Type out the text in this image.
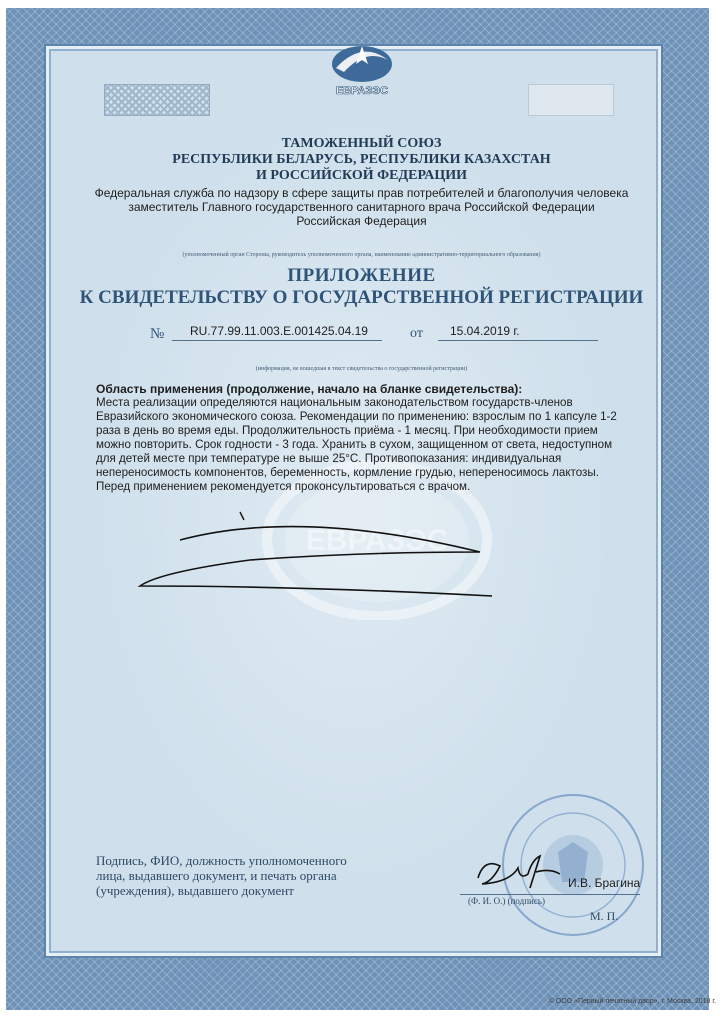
ЕВРАЗЭС
ТАМОЖЕННЫЙ СОЮЗ
РЕСПУБЛИКИ БЕЛАРУСЬ, РЕСПУБЛИКИ КАЗАХСТАН
И РОССИЙСКОЙ ФЕДЕРАЦИИ
Федеральная служба по надзору в сфере защиты прав потребителей и благополучия человека
заместитель Главного государственного санитарного врача Российской Федерации
Российская Федерация
(уполномоченный орган Стороны, руководитель уполномоченного органа, наименование административно-территориального образования)
ПРИЛОЖЕНИЕ
К СВИДЕТЕЛЬСТВУ О ГОСУДАРСТВЕННОЙ РЕГИСТРАЦИИ
№ RU.77.99.11.003.Е.001425.04.19	от 15.04.2019 г.
(информация, не вошедшая в текст свидетельства о государственной регистрации)
ЕВРАЗЭС
Область применения (продолжение, начало на бланке свидетельства):
Места реализации определяются национальным законодательством государств-членов
Евразийского экономического союза. Рекомендации по применению: взрослым по 1 капсуле 1-2
раза в день во время еды. Продолжительность приёма - 1 месяц. При необходимости прием
можно повторить. Срок годности - 3 года. Хранить в сухом, защищенном от света, недоступном
для детей месте при температуре не выше 25°С. Противопоказания: индивидуальная
непереносимость компонентов, беременность, кормление грудью, непереносимось лактозы.
Перед применением рекомендуется проконсультироваться с врачом.
Подпись, ФИО, должность уполномоченного
лица, выдавшего документ, и печать органа
(учреждения), выдавшего документ	И.В. Брагина
(Ф. И. О.) (подпись)
М. П.
© ООО «Первый печатный двор», г. Москва, 2018 г.
